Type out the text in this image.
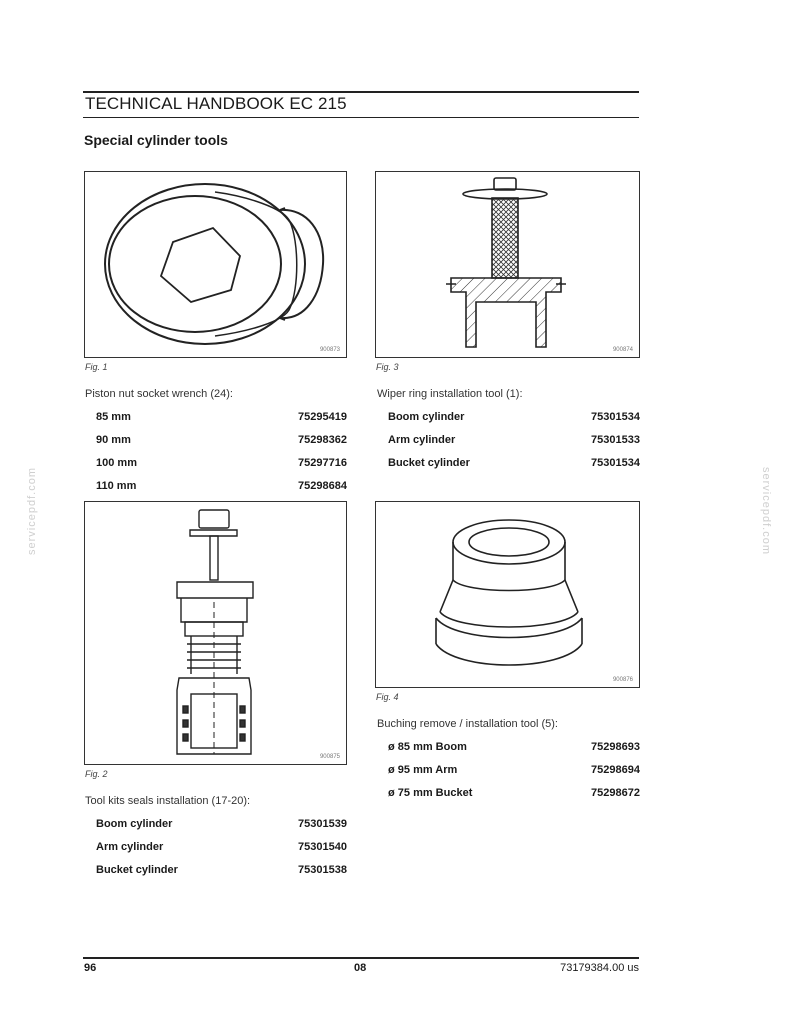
TECHNICAL HANDBOOK EC 215
Special cylinder tools
servicepdf.com	servicepdf.com
900873
Fig. 1
Piston nut socket wrench (24):
85 mm	75295419
90 mm	75298362
100 mm	75297716
110 mm	75298684
900874
Fig. 3
Wiper ring installation tool (1):
Boom cylinder	75301534
Arm cylinder	75301533
Bucket cylinder	75301534
900875
Fig. 2
Tool kits seals installation (17-20):
Boom cylinder	75301539
Arm cylinder	75301540
Bucket cylinder	75301538
900876
Fig. 4
Buching remove / installation tool (5):
ø 85 mm Boom	75298693
ø 95 mm Arm	75298694
ø 75 mm Bucket	75298672
96	08	73179384.00 us
